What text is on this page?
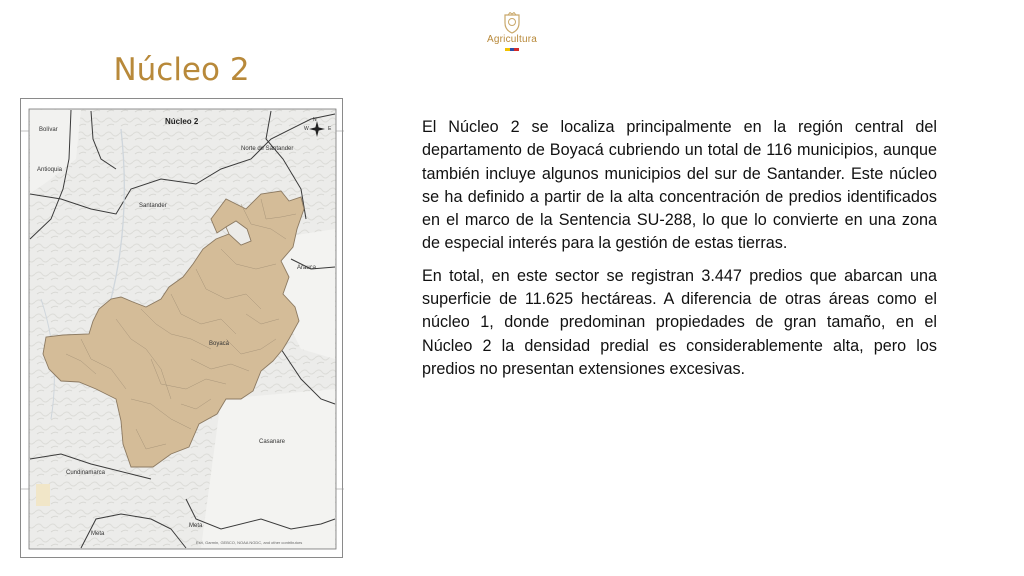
Agricultura
Núcleo 2
Núcleo 2	N
W	E
Bolívar
Antioquia
Santander
Norte de Santander
Arauca
Boyacá
Casanare
Cundinamarca
Meta
Meta
Esri, Garmin, GEBCO, NOAA NGDC, and other contributors

El Núcleo 2 se localiza principalmente en la región central del departamento de Boyacá cubriendo un total de 116 municipios, aunque también incluye algunos municipios del sur de Santander. Este núcleo se ha definido a partir de la alta concentración de predios identificados en el marco de la Sentencia SU-288, lo que lo convierte en una zona de especial interés para la gestión de estas tierras.

En total, en este sector se registran 3.447 predios que abarcan una superficie de 11.625 hectáreas. A diferencia de otras áreas como el núcleo 1, donde predominan propiedades de gran tamaño, en el Núcleo 2 la densidad predial es considerablemente alta, pero los predios no presentan extensiones excesivas.
